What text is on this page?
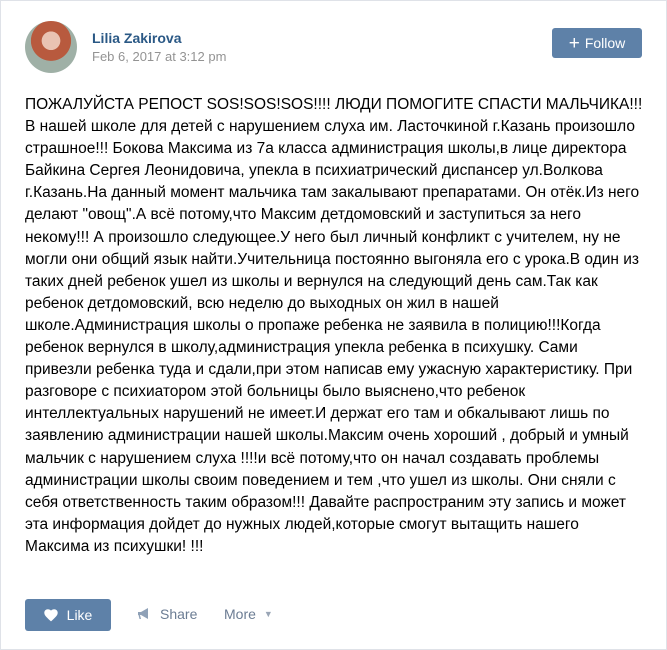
Lilia Zakirova
Feb 6, 2017 at 3:12 pm
+ Follow
ПОЖАЛУЙСТА РЕПОСТ SOS!SOS!SOS!!!! ЛЮДИ ПОМОГИТЕ СПАСТИ МАЛЬЧИКА!!! В нашей школе для детей с нарушением слуха им. Ласточкиной г.Казань произошло страшное!!! Бокова Максима из 7а класса администрация школы,в лице директора Байкина Сергея Леонидовича, упекла в психиатрический диспансер ул.Волкова г.Казань.На данный момент мальчика там закалывают препаратами. Он отёк.Из него делают "овощ".А всё потому,что Максим детдомовский и заступиться за него некому!!! А произошло следующее.У него был личный конфликт с учителем, ну не могли они общий язык найти.Учительница постоянно выгоняла его с урока.В один из таких дней ребенок ушел из школы и вернулся на следующий день сам.Так как ребенок детдомовский, всю неделю до выходных он жил в нашей школе.Администрация школы о пропаже ребенка не заявила в полицию!!!Когда ребенок вернулся в школу,администрация упекла ребенка в психушку. Сами привезли ребенка туда и сдали,при этом написав ему ужасную характеристику. При разговоре с психиатором этой больницы было выяснено,что ребенок интеллектуальных нарушений не имеет.И держат его там и обкалывают лишь по заявлению администрации нашей школы.Максим очень хороший , добрый и умный мальчик с нарушением слуха !!!!и всё потому,что он начал создавать проблемы администрации школы своим поведением и тем ,что ушел из школы. Они сняли с себя ответственность таким образом!!! Давайте распространим эту запись и может эта информация дойдет до нужных людей,которые смогут вытащить нашего Максима из психушки! !!!
Like	Share More ▼
